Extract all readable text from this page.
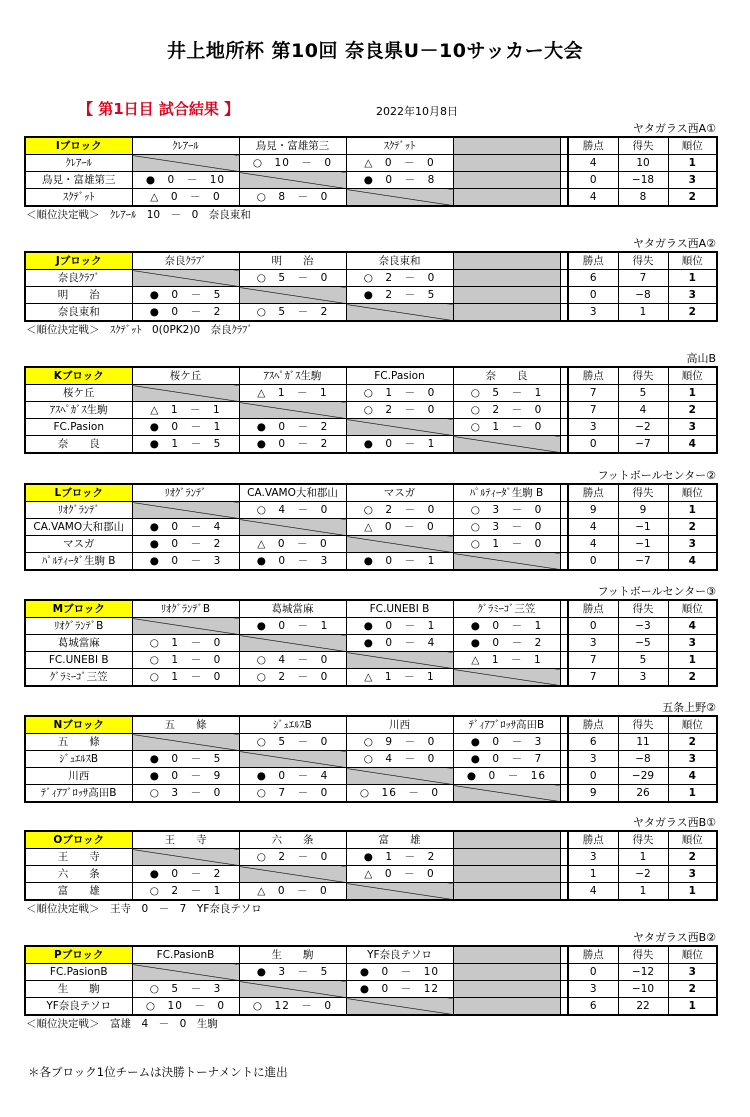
井上地所杯 第10回 奈良県U－10サッカー大会
【 第1日目 試合結果 】	2022年10月8日
ヤタガラス西A①
Iブロック	ｸﾚｱｰﾙ	鳥見・富雄第三	ｽｸﾃﾞｯﾄ			勝点	得失	順位
ｸﾚｱｰﾙ		○　10　－　0	△　0　－　0			4	10	1
鳥見・富雄第三	●　0　－　10		●　0　－　8			0	−18	3
ｽｸﾃﾞｯﾄ	△　0　－　0	○　8　－　0				4	8	2
＜順位決定戦＞　ｸﾚｱｰﾙ　10　－　0　奈良東和
ヤタガラス西A②
Jブロック	奈良ｸﾗﾌﾞ	明　　治	奈良東和			勝点	得失	順位
奈良ｸﾗﾌﾞ		○　5　－　0	○　2　－　0			6	7	1
明　　治	●　0　－　5		●　2　－　5			0	−8	3
奈良東和	●　0　－　2	○　5　－　2				3	1	2
＜順位決定戦＞　ｽｸﾃﾞｯﾄ　0(0PK2)0　奈良ｸﾗﾌﾞ
高山B
Kブロック	桜ケ丘	ｱｽﾍﾟｶﾞｽ生駒	FC.Pasion	奈　　良		勝点	得失	順位
桜ケ丘		△　1　－　1	○　1　－　0	○　5　－　1		7	5	1
ｱｽﾍﾟｶﾞｽ生駒	△　1　－　1		○　2　－　0	○　2　－　0		7	4	2
FC.Pasion	●　0　－　1	●　0　－　2		○　1　－　0		3	−2	3
奈　　良	●　1　－　5	●　0　－　2	●　0　－　1			0	−7	4
フットボールセンター②
Lブロック	ﾘｵｸﾞﾗﾝﾃﾞ	CA.VAMO大和郡山	マスガ	ﾊﾟﾙﾃｨｰﾀﾞ生駒 B		勝点	得失	順位
ﾘｵｸﾞﾗﾝﾃﾞ		○　4　－　0	○　2　－　0	○　3　－　0		9	9	1
CA.VAMO大和郡山	●　0　－　4		△　0　－　0	○　3　－　0		4	−1	2
マスガ	●　0　－　2	△　0　－　0		○　1　－　0		4	−1	3
ﾊﾟﾙﾃｨｰﾀﾞ生駒 B	●　0　－　3	●　0　－　3	●　0　－　1			0	−7	4
フットボールセンター③
Mブロック	ﾘｵｸﾞﾗﾝﾃﾞB	葛城當麻	FC.UNEBI B	ｸﾞﾗﾐｰｺﾞ三笠		勝点	得失	順位
ﾘｵｸﾞﾗﾝﾃﾞB		●　0　－　1	●　0　－　1	●　0　－　1		0	−3	4
葛城當麻	○　1　－　0		●　0　－　4	●　0　－　2		3	−5	3
FC.UNEBI B	○　1　－　0	○　4　－　0		△　1　－　1		7	5	1
ｸﾞﾗﾐｰｺﾞ三笠	○　1　－　0	○　2　－　0	△　1　－　1			7	3	2
五条上野②
Nブロック	五　　條	ｼﾞｭｴﾙｽB	川西	ﾃﾞｨｱﾌﾞﾛｯｻ高田B		勝点	得失	順位
五　　條		○　5　－　0	○　9　－　0	●　0　－　3		6	11	2
ｼﾞｭｴﾙｽB	●　0　－　5		○　4　－　0	●　0　－　7		3	−8	3
川西	●　0　－　9	●　0　－　4		●　0　－　16		0	−29	4
ﾃﾞｨｱﾌﾞﾛｯｻ高田B	○　3　－　0	○　7　－　0	○　16　－　0			9	26	1
ヤタガラス西B①
Oブロック	王　　寺	六　　条	富　　雄			勝点	得失	順位
王　　寺		○　2　－　0	●　1　－　2			3	1	2
六　　条	●　0　－　2		△　0　－　0			1	−2	3
富　　雄	○　2　－　1	△　0　－　0				4	1	1
＜順位決定戦＞　王寺　0　－　7　YF奈良テソロ
ヤタガラス西B②
Pブロック	FC.PasionB	生　　駒	YF奈良テソロ			勝点	得失	順位
FC.PasionB		●　3　－　5	●　0　－　10			0	−12	3
生　　駒	○　5　－　3		●　0　－　12			3	−10	2
YF奈良テソロ	○　10　－　0	○　12　－　0				6	22	1
＜順位決定戦＞　富雄　4　－　0　生駒
＊各ブロック1位チームは決勝トーナメントに進出
